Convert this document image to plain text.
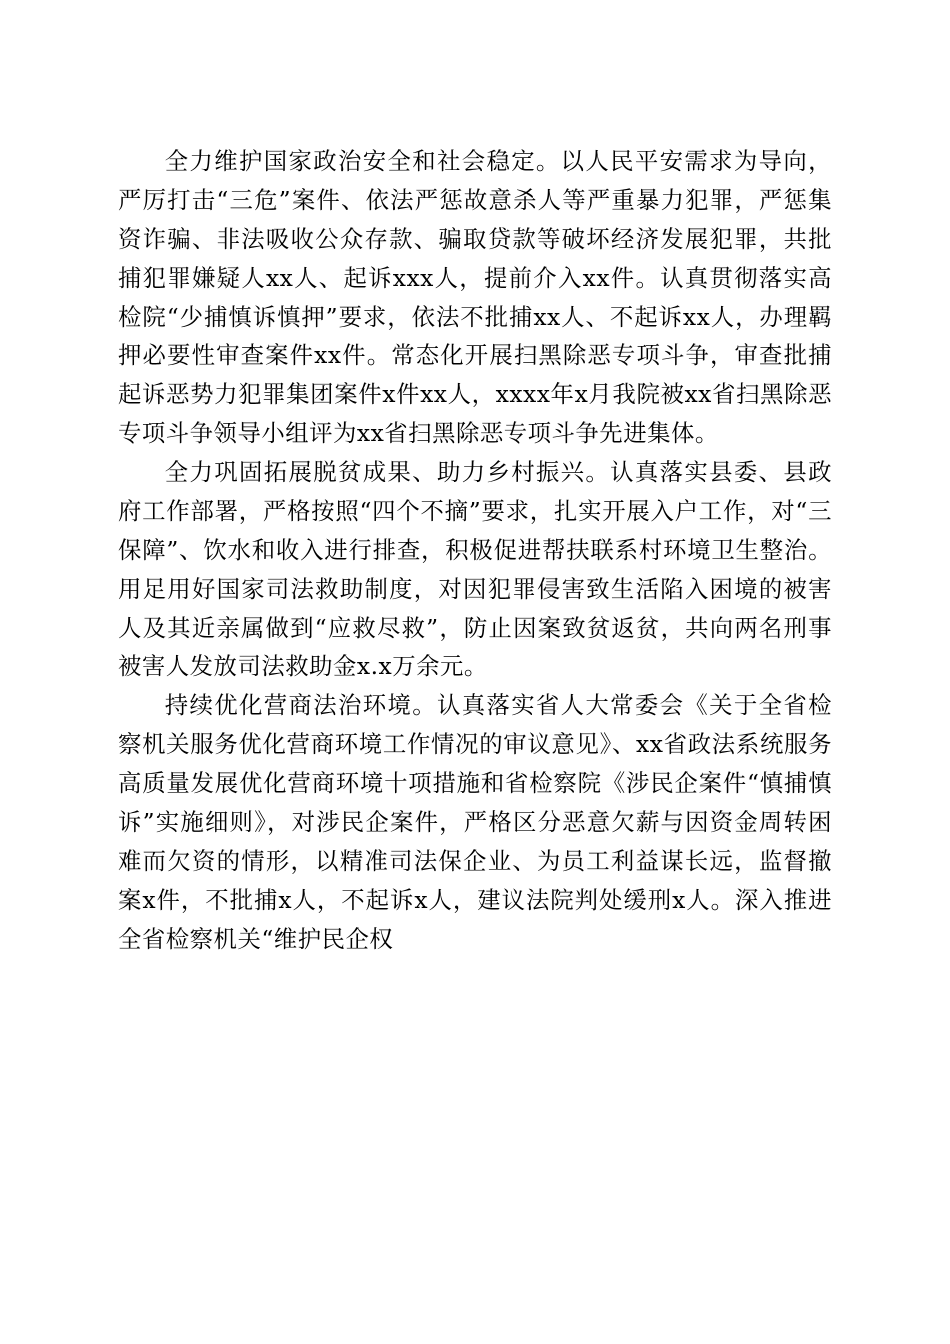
全力维护国家政治安全和社会稳定。以人民平安需求为导向，严厉打击“三危”案件、依法严惩故意杀人等严重暴力犯罪，严惩集资诈骗、非法吸收公众存款、骗取贷款等破坏经济发展犯罪，共批捕犯罪嫌疑人xx人、起诉xxx人，提前介入xx件。认真贯彻落实高检院“少捕慎诉慎押”要求，依法不批捕xx人、不起诉xx人，办理羁押必要性审查案件xx件。常态化开展扫黑除恶专项斗争，审查批捕起诉恶势力犯罪集团案件x件xx人，xxxx年x月我院被xx省扫黑除恶专项斗争领导小组评为xx省扫黑除恶专项斗争先进集体。

全力巩固拓展脱贫成果、助力乡村振兴。认真落实县委、县政府工作部署，严格按照“四个不摘”要求，扎实开展入户工作，对“三保障”、饮水和收入进行排查，积极促进帮扶联系村环境卫生整治。用足用好国家司法救助制度，对因犯罪侵害致生活陷入困境的被害人及其近亲属做到“应救尽救”，防止因案致贫返贫，共向两名刑事被害人发放司法救助金x.x万余元。

持续优化营商法治环境。认真落实省人大常委会《关于全省检察机关服务优化营商环境工作情况的审议意见》、xx省政法系统服务高质量发展优化营商环境十项措施和省检察院《涉民企案件“慎捕慎诉”实施细则》，对涉民企案件，严格区分恶意欠薪与因资金周转困难而欠资的情形，以精准司法保企业、为员工利益谋长远，监督撤案x件，不批捕x人，不起诉x人，建议法院判处缓刑x人。深入推进全省检察机关“维护民企权
